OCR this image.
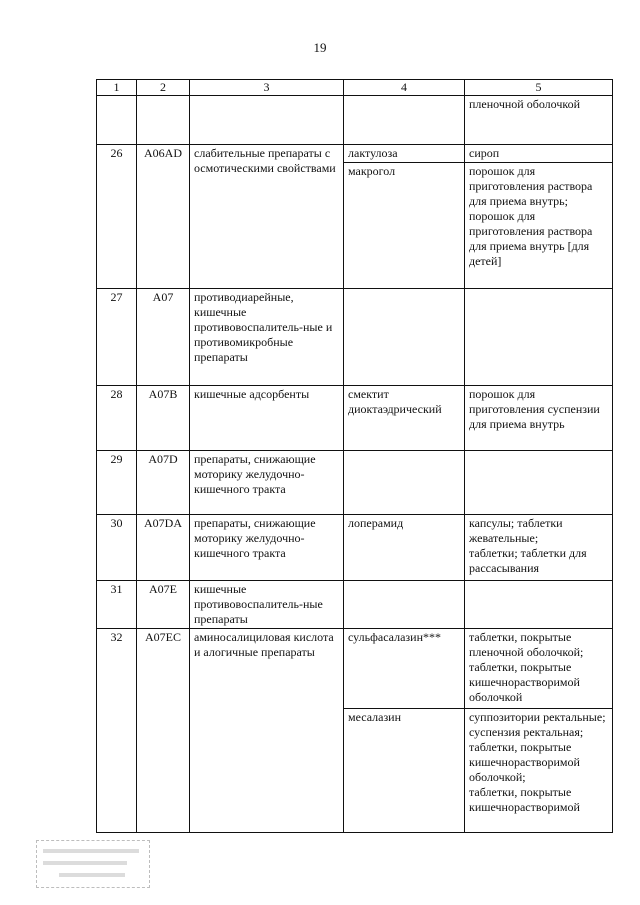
19
1	2	3	4	5
				пленочной оболочкой
26	A06AD	слабительные препараты с осмотическими свойствами	лактулоза	сироп
			макрогол	порошок для приготовления раствора для приема внутрь;
порошок для приготовления раствора для приема внутрь [для детей]
27	A07	противодиарейные, кишечные противовоспалитель-ные и противомикробные препараты		
28	A07B	кишечные адсорбенты	смектит диоктаэдрический	порошок для приготовления суспензии для приема внутрь
29	A07D	препараты, снижающие моторику желудочно-кишечного тракта		
30	A07DA	препараты, снижающие моторику желудочно-кишечного тракта	лоперамид	капсулы; таблетки жевательные;
таблетки; таблетки для рассасывания
31	A07E	кишечные противовоспалитель-ные препараты		
32	A07EC	аминосалициловая кислота и алогичные препараты	сульфасалазин***	таблетки, покрытые пленочной оболочкой;
таблетки, покрытые кишечнорастворимой оболочкой
			месалазин	суппозитории ректальные;
суспензия ректальная;
таблетки, покрытые кишечнорастворимой оболочкой;
таблетки, покрытые кишечнорастворимой
